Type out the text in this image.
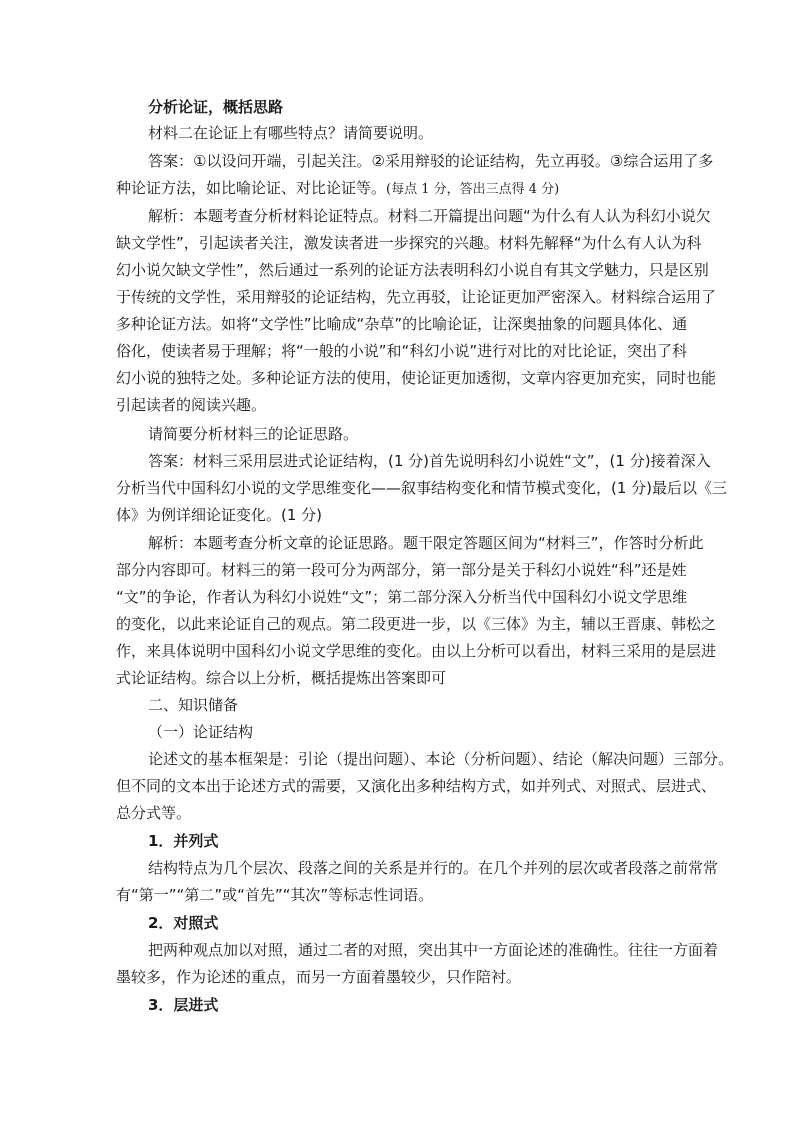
分析论证，概括思路
材料二在论证上有哪些特点？请简要说明。
答案：①以设问开端，引起关注。②采用辩驳的论证结构，先立再驳。③综合运用了多
种论证方法，如比喻论证、对比论证等。(每点 1 分，答出三点得 4 分)
解析：本题考查分析材料论证特点。材料二开篇提出问题“为什么有人认为科幻小说欠
缺文学性”，引起读者关注，激发读者进一步探究的兴趣。材料先解释“为什么有人认为科
幻小说欠缺文学性”，然后通过一系列的论证方法表明科幻小说自有其文学魅力，只是区别
于传统的文学性，采用辩驳的论证结构，先立再驳，让论证更加严密深入。材料综合运用了
多种论证方法。如将“文学性”比喻成“杂草”的比喻论证，让深奥抽象的问题具体化、通
俗化，使读者易于理解；将“一般的小说”和“科幻小说”进行对比的对比论证，突出了科
幻小说的独特之处。多种论证方法的使用，使论证更加透彻，文章内容更加充实，同时也能
引起读者的阅读兴趣。
请简要分析材料三的论证思路。
答案：材料三采用层进式论证结构，(1 分)首先说明科幻小说姓“文”，(1 分)接着深入
分析当代中国科幻小说的文学思维变化——叙事结构变化和情节模式变化，(1 分)最后以《三
体》为例详细论证变化。(1 分)
解析：本题考查分析文章的论证思路。题干限定答题区间为“材料三”，作答时分析此
部分内容即可。材料三的第一段可分为两部分，第一部分是关于科幻小说姓“科”还是姓
“文”的争论，作者认为科幻小说姓“文”；第二部分深入分析当代中国科幻小说文学思维
的变化，以此来论证自己的观点。第二段更进一步，以《三体》为主，辅以王晋康、韩松之
作，来具体说明中国科幻小说文学思维的变化。由以上分析可以看出，材料三采用的是层进
式论证结构。综合以上分析，概括提炼出答案即可
二、知识储备
（一）论证结构
论述文的基本框架是：引论（提出问题）、本论（分析问题）、结论（解决问题）三部分。
但不同的文本出于论述方式的需要，又演化出多种结构方式，如并列式、对照式、层进式、
总分式等。
1．并列式
结构特点为几个层次、段落之间的关系是并行的。在几个并列的层次或者段落之前常常
有“第一”“第二”或“首先”“其次”等标志性词语。
2．对照式
把两种观点加以对照，通过二者的对照，突出其中一方面论述的准确性。往往一方面着
墨较多，作为论述的重点，而另一方面着墨较少，只作陪衬。
3．层进式
